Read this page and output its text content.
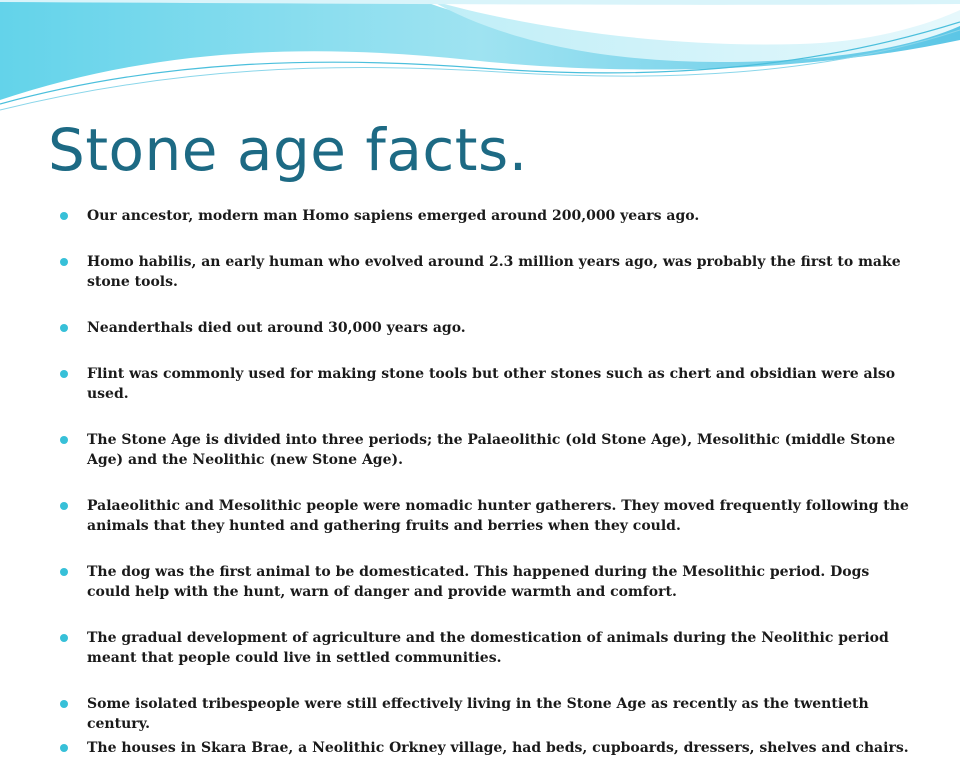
Stone age facts.
Our ancestor, modern man Homo sapiens emerged around 200,000 years ago.
Homo habilis, an early human who evolved around 2.3 million years ago, was probably the first to make stone tools.
Neanderthals died out around 30,000 years ago.
Flint was commonly used for making stone tools but other stones such as chert and obsidian were also used.
The Stone Age is divided into three periods; the Palaeolithic (old Stone Age), Mesolithic (middle Stone Age) and the Neolithic (new Stone Age).
Palaeolithic and Mesolithic people were nomadic hunter gatherers. They moved frequently following the animals that they hunted and gathering fruits and berries when they could.
The dog was the first animal to be domesticated. This happened during the Mesolithic period. Dogs could help with the hunt, warn of danger and provide warmth and comfort.
The gradual development of agriculture and the domestication of animals during the Neolithic period meant that people could live in settled communities.
Some isolated tribespeople were still effectively living in the Stone Age as recently as the twentieth century.
The houses in Skara Brae, a Neolithic Orkney village, had beds, cupboards, dressers, shelves and chairs.
